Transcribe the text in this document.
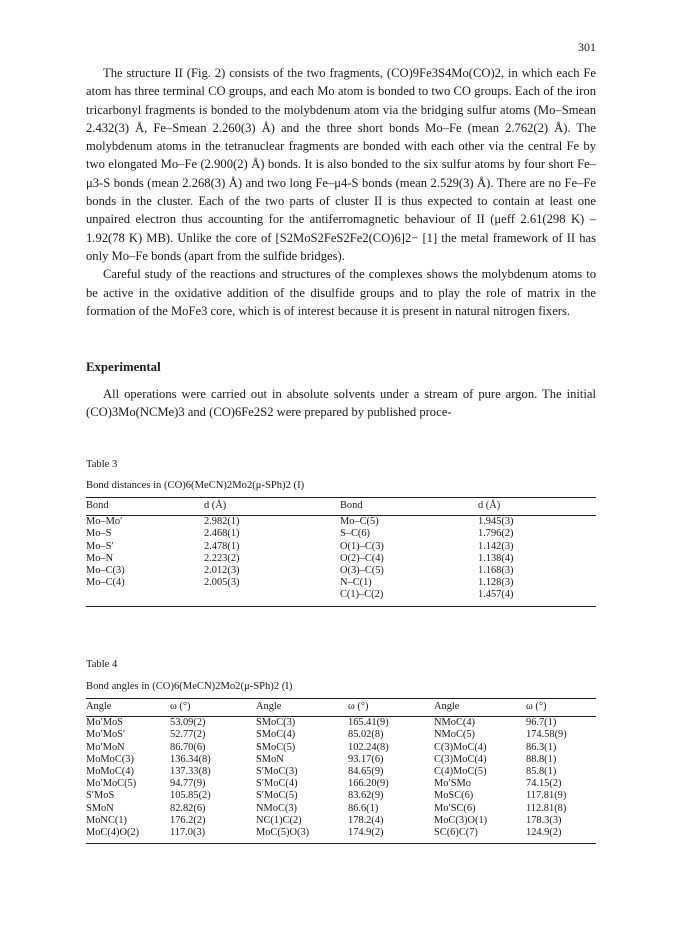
301

The structure II (Fig. 2) consists of the two fragments, (CO)9Fe3S4Mo(CO)2, in which each Fe atom has three terminal CO groups, and each Mo atom is bonded to two CO groups. Each of the iron tricarbonyl fragments is bonded to the molybdenum atom via the bridging sulfur atoms (Mo–Smean 2.432(3) Å, Fe–Smean 2.260(3) Å) and the three short bonds Mo–Fe (mean 2.762(2) Å). The molybdenum atoms in the tetranuclear fragments are bonded with each other via the central Fe by two elongated Mo–Fe (2.900(2) Å) bonds. It is also bonded to the six sulfur atoms by four short Fe–μ3-S bonds (mean 2.268(3) Å) and two long Fe–μ4-S bonds (mean 2.529(3) Å). There are no Fe–Fe bonds in the cluster. Each of the two parts of cluster II is thus expected to contain at least one unpaired electron thus accounting for the antiferromagnetic behaviour of II (μeff 2.61(298 K) – 1.92(78 K) MB). Unlike the core of [S2MoS2FeS2Fe2(CO)6]2− [1] the metal framework of II has only Mo–Fe bonds (apart from the sulfide bridges).

Careful study of the reactions and structures of the complexes shows the molybdenum atoms to be active in the oxidative addition of the disulfide groups and to play the role of matrix in the formation of the MoFe3 core, which is of interest because it is present in natural nitrogen fixers.

Experimental

All operations were carried out in absolute solvents under a stream of pure argon. The initial (CO)3Mo(NCMe)3 and (CO)6Fe2S2 were prepared by published proce-

Table 3
Bond distances in (CO)6(MeCN)2Mo2(μ-SPh)2 (I)
Bond	d (Å)	Bond	d (Å)
Mo–Mo′	2.982(1)	Mo–C(5)	1.945(3)
Mo–S	2.468(1)	S–C(6)	1.796(2)
Mo–S′	2.478(1)	O(1)–C(3)	1.142(3)
Mo–N	2.223(2)	O(2)–C(4)	1.138(4)
Mo–C(3)	2.012(3)	O(3)–C(5)	1.168(3)
Mo–C(4)	2.005(3)	N–C(1)	1.128(3)
		C(1)–C(2)	1.457(4)
Table 4
Bond angles in (CO)6(MeCN)2Mo2(μ-SPh)2 (I)
Angle	ω (°)	Angle	ω (°)	Angle	ω (°)
Mo′MoS	53.09(2)	SMoC(3)	165.41(9)	NMoC(4)	96.7(1)
Mo′MoS′	52.77(2)	SMoC(4)	85.02(8)	NMoC(5)	174.58(9)
Mo′MoN	86.70(6)	SMoC(5)	102.24(8)	C(3)MoC(4)	86.3(1)
MoMoC(3)	136.34(8)	SMoN	93.17(6)	C(3)MoC(4)	88.8(1)
MoMoC(4)	137.33(8)	S′MoC(3)	84.65(9)	C(4)MoC(5)	85.8(1)
Mo′MoC(5)	94.77(9)	S′MoC(4)	166.20(9)	Mo′SMo	74.15(2)
S′MoS	105.85(2)	S′MoC(5)	83.62(9)	MoSC(6)	117.81(9)
SMoN	82.82(6)	NMoC(3)	86.6(1)	Mo′SC(6)	112.81(8)
MoNC(1)	176.2(2)	NC(1)C(2)	178.2(4)	MoC(3)O(1)	178.3(3)
MoC(4)O(2)	117.0(3)	MoC(5)O(3)	174.9(2)	SC(6)C(7)	124.9(2)
